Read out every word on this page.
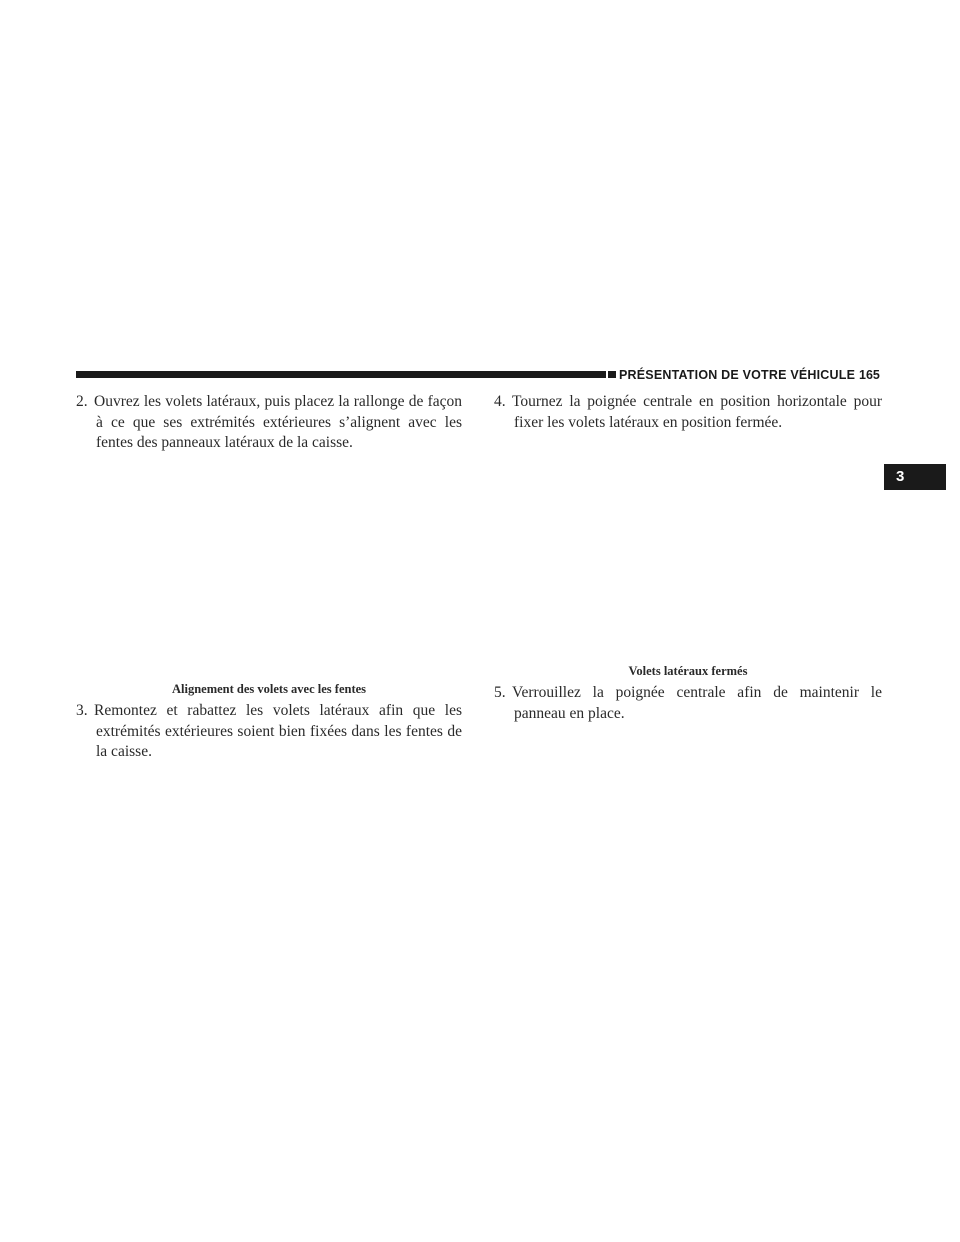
PRÉSENTATION DE VOTRE VÉHICULE 165
3
2. Ouvrez les volets latéraux, puis placez la rallonge de façon à ce que ses extrémités extérieures s’alignent avec les fentes des panneaux latéraux de la caisse.
Alignement des volets avec les fentes
3. Remontez et rabattez les volets latéraux afin que les extrémités extérieures soient bien fixées dans les fentes de la caisse.
4. Tournez la poignée centrale en position horizontale pour fixer les volets latéraux en position fermée.
Volets latéraux fermés
5. Verrouillez la poignée centrale afin de maintenir le panneau en place.
